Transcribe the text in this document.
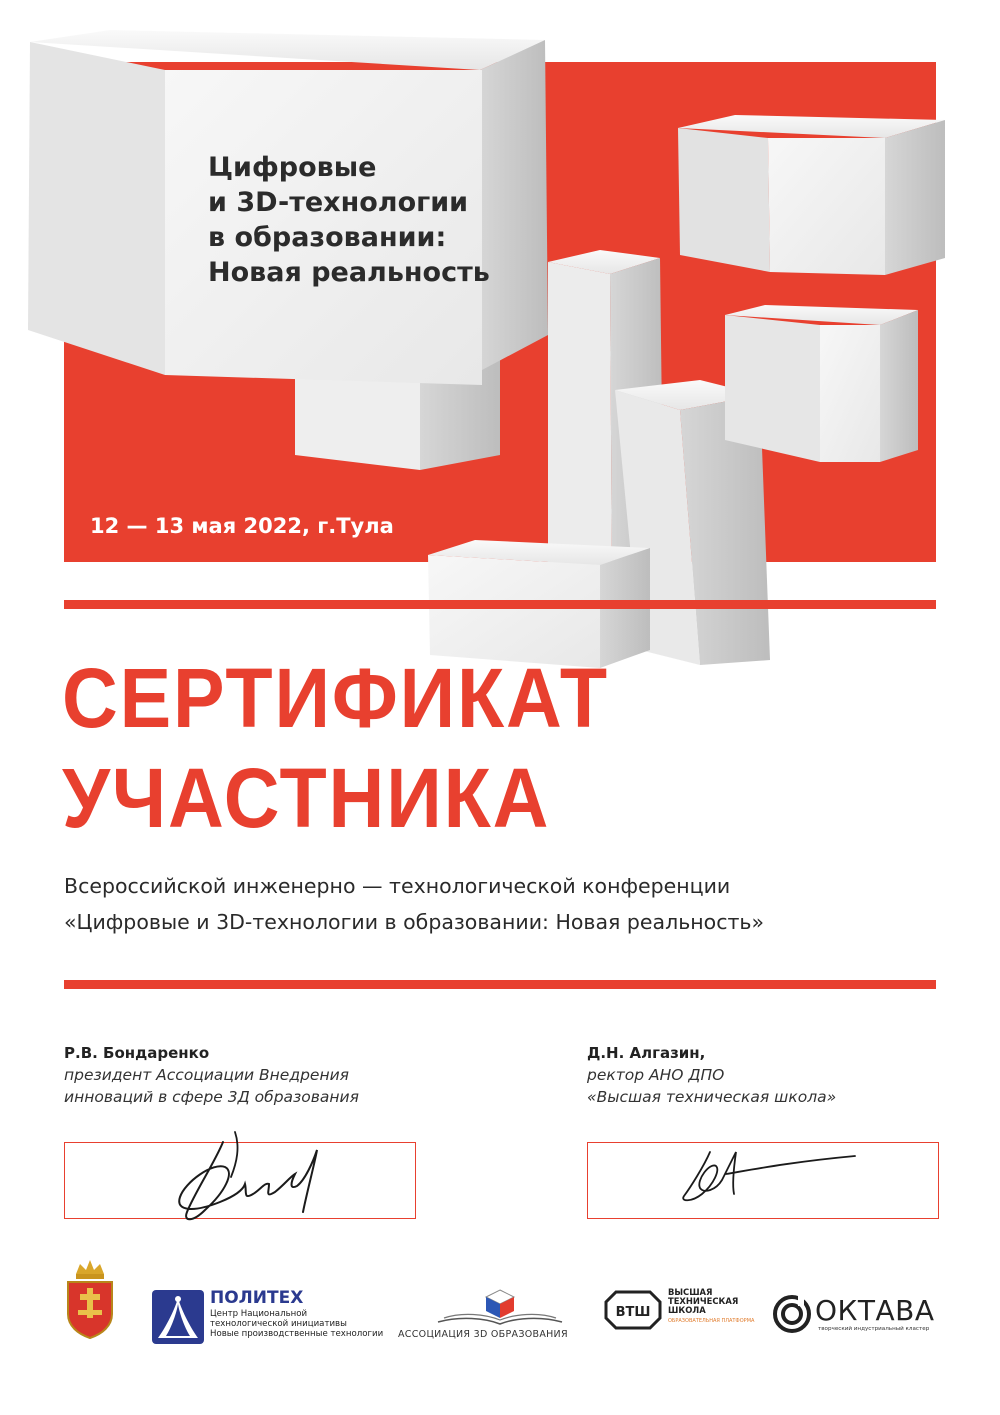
Цифровые
и 3D-технологии
в образовании:
Новая реальность
12 — 13 мая 2022, г.Тула
СЕРТИФИКАТ
УЧАСТНИКА
Всероссийской инженерно — технологической конференции
«Цифровые и 3D-технологии в образовании: Новая реальность»
Р.В. Бондаренко
президент Ассоциации Внедрения
инноваций в сфере 3Д образования
Д.Н. Алгазин,
ректор АНО ДПО
«Высшая техническая школа»
ПОЛИТЕХ
Центр Национальной
технологической инициативы
Новые производственные технологии АССОЦИАЦИЯ 3D ОБРАЗОВАНИЯ
ВТШ
ВЫСШАЯ
ТЕХНИЧЕСКАЯ
ШКОЛА
ОБРАЗОВАТЕЛЬНАЯ ПЛАТФОРМА ОКТАВА
творческий индустриальный кластер
